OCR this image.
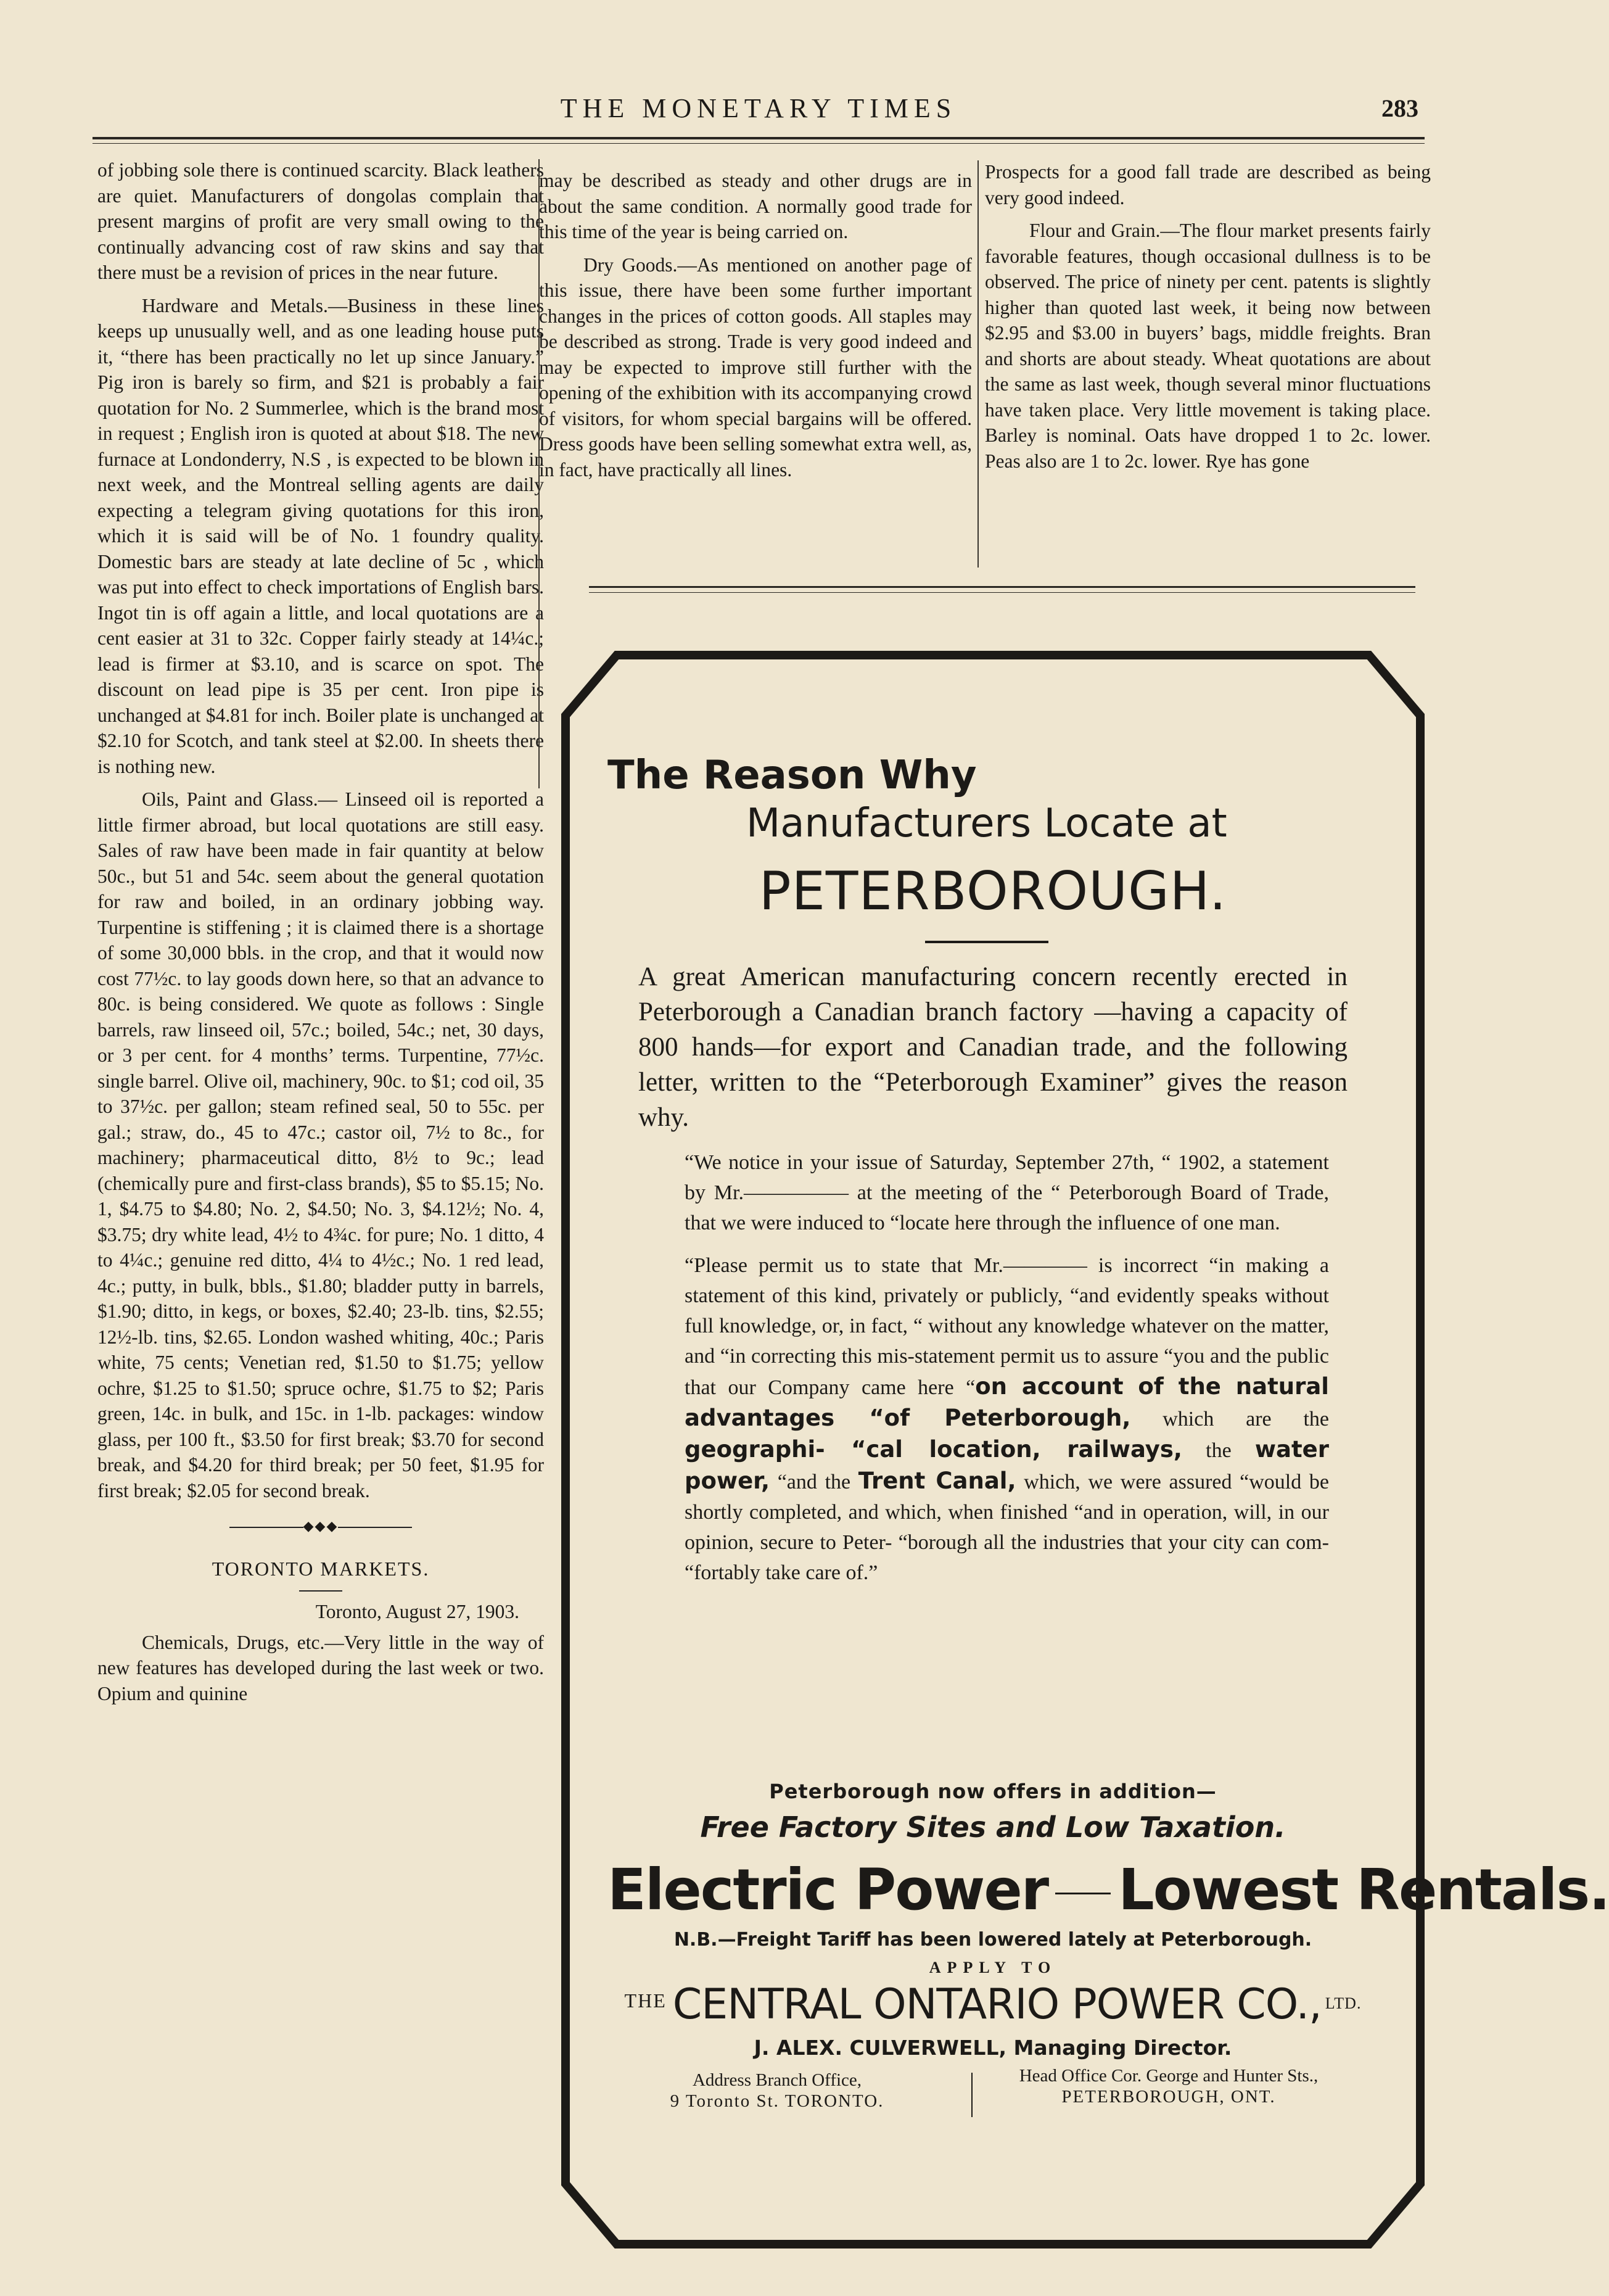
THE MONETARY TIMES	283

of jobbing sole there is continued scarcity. Black leathers are quiet. Manufacturers of dongolas complain that present margins of profit are very small owing to the continually advancing cost of raw skins and say that there must be a revision of prices in the near future.

Hardware and Metals.—Business in these lines keeps up unusually well, and as one leading house puts it, “there has been practically no let up since January.” Pig iron is barely so firm, and $21 is probably a fair quotation for No. 2 Summerlee, which is the brand most in request ; English iron is quoted at about $18. The new furnace at Londonderry, N.S , is expected to be blown in next week, and the Montreal selling agents are daily expecting a telegram giving quotations for this iron, which it is said will be of No. 1 foundry quality. Domestic bars are steady at late decline of 5c , which was put into effect to check importations of English bars. Ingot tin is off again a little, and local quotations are a cent easier at 31 to 32c. Copper fairly steady at 14¼c.; lead is firmer at $3.10, and is scarce on spot. The discount on lead pipe is 35 per cent. Iron pipe is unchanged at $4.81 for inch. Boiler plate is unchanged at $2.10 for Scotch, and tank steel at $2.00. In sheets there is nothing new.

Oils, Paint and Glass.— Linseed oil is reported a little firmer abroad, but local quotations are still easy. Sales of raw have been made in fair quantity at below 50c., but 51 and 54c. seem about the general quotation for raw and boiled, in an ordinary jobbing way. Turpentine is stiffening ; it is claimed there is a shortage of some 30,000 bbls. in the crop, and that it would now cost 77½c. to lay goods down here, so that an advance to 80c. is being considered. We quote as follows : Single barrels, raw linseed oil, 57c.; boiled, 54c.; net, 30 days, or 3 per cent. for 4 months’ terms. Turpentine, 77½c. single barrel. Olive oil, machinery, 90c. to $1; cod oil, 35 to 37½c. per gallon; steam refined seal, 50 to 55c. per gal.; straw, do., 45 to 47c.; castor oil, 7½ to 8c., for machinery; pharmaceutical ditto, 8½ to 9c.; lead (chemically pure and first-class brands), $5 to $5.15; No. 1, $4.75 to $4.80; No. 2, $4.50; No. 3, $4.12½; No. 4, $3.75; dry white lead, 4½ to 4¾c. for pure; No. 1 ditto, 4 to 4¼c.; genuine red ditto, 4¼ to 4½c.; No. 1 red lead, 4c.; putty, in bulk, bbls., $1.80; bladder putty in barrels, $1.90; ditto, in kegs, or boxes, $2.40; 23-lb. tins, $2.55; 12½-lb. tins, $2.65. London washed whiting, 40c.; Paris white, 75 cents; Venetian red, $1.50 to $1.75; yellow ochre, $1.25 to $1.50; spruce ochre, $1.75 to $2; Paris green, 14c. in bulk, and 15c. in 1-lb. packages: window glass, per 100 ft., $3.50 for first break; $3.70 for second break, and $4.20 for third break; per 50 feet, $1.95 for first break; $2.05 for second break.

◆◆◆
TORONTO MARKETS.
Toronto, August 27, 1903.

Chemicals, Drugs, etc.—Very little in the way of new features has developed during the last week or two. Opium and quinine

may be described as steady and other drugs are in about the same condition. A normally good trade for this time of the year is being carried on.

Dry Goods.—As mentioned on another page of this issue, there have been some further important changes in the prices of cotton goods. All staples may be described as strong. Trade is very good indeed and may be expected to improve still further with the opening of the exhibition with its accompanying crowd of visitors, for whom special bargains will be offered. Dress goods have been selling somewhat extra well, as, in fact, have practically all lines.

Prospects for a good fall trade are described as being very good indeed.

Flour and Grain.—The flour market presents fairly favorable features, though occasional dullness is to be observed. The price of ninety per cent. patents is slightly higher than quoted last week, it being now between $2.95 and $3.00 in buyers’ bags, middle freights. Bran and shorts are about steady. Wheat quotations are about the same as last week, though several minor fluctuations have taken place. Very little movement is taking place. Barley is nominal. Oats have dropped 1 to 2c. lower. Peas also are 1 to 2c. lower. Rye has gone

The Reason Why
Manufacturers Locate at
PETERBOROUGH.
A great American manufacturing concern recently erected in Peterborough a Canadian branch factory —having a capacity of 800 hands—for export and Canadian trade, and the following letter, written to the “Peterborough Examiner” gives the reason why.

“We notice in your issue of Saturday, September 27th, “ 1902, a statement by Mr.————— at the meeting of the “ Peterborough Board of Trade, that we were induced to “locate here through the influence of one man.

“Please permit us to state that Mr.———— is incorrect “in making a statement of this kind, privately or publicly, “and evidently speaks without full knowledge, or, in fact, “ without any knowledge whatever on the matter, and “in correcting this mis-statement permit us to assure “you and the public that our Company came here “on account of the natural advantages “of Peterborough, which are the geographi- “cal location, railways, the water power, “and the Trent Canal, which, we were assured “would be shortly completed, and which, when finished “and in operation, will, in our opinion, secure to Peter- “borough all the industries that your city can com- “fortably take care of.”

Peterborough now offers in addition—
Free Factory Sites and Low Taxation.
Electric Power Lowest Rentals.
N.B.—Freight Tariff has been lowered lately at Peterborough.
APPLY TO
THE CENTRAL ONTARIO POWER CO., LTD.
J. ALEX. CULVERWELL, Managing Director.
Address Branch Office,
9 Toronto St. TORONTO.
Head Office Cor. George and Hunter Sts.,
PETERBOROUGH, ONT.
